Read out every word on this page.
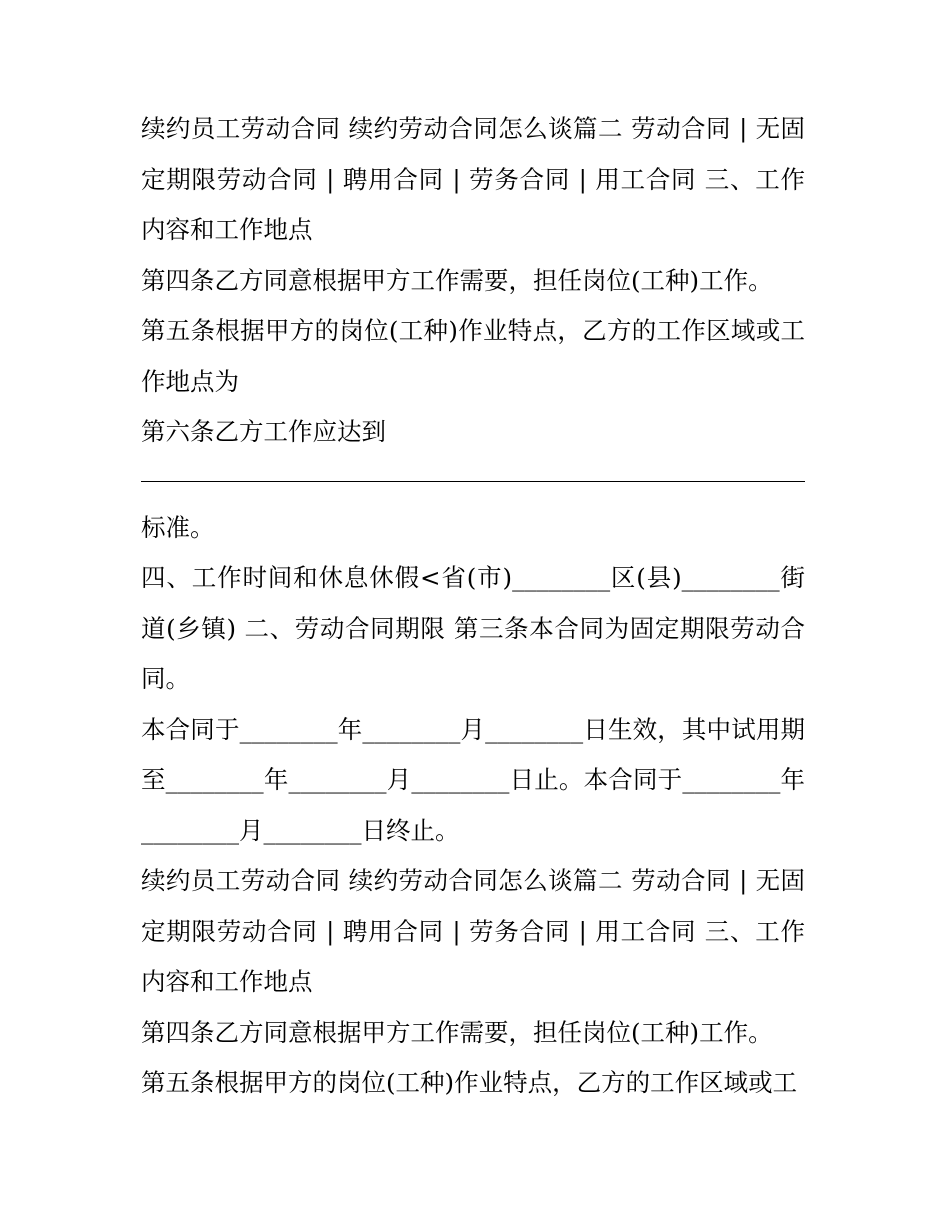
续约员工劳动合同 续约劳动合同怎么谈篇二 劳动合同 | 无固定期限劳动合同 | 聘用合同 | 劳务合同 | 用工合同 三、工作内容和工作地点

第四条乙方同意根据甲方工作需要，担任岗位(工种)工作。

第五条根据甲方的岗位(工种)作业特点，乙方的工作区域或工作地点为

第六条乙方工作应达到

标准。

四、工作时间和休息休假<省(市)________区(县)________街道(乡镇) 二、劳动合同期限 第三条本合同为固定期限劳动合同。

本合同于________年________月________日生效，其中试用期至________年________月________日止。本合同于________年________月________日终止。

续约员工劳动合同 续约劳动合同怎么谈篇二 劳动合同 | 无固定期限劳动合同 | 聘用合同 | 劳务合同 | 用工合同 三、工作内容和工作地点

第四条乙方同意根据甲方工作需要，担任岗位(工种)工作。

第五条根据甲方的岗位(工种)作业特点，乙方的工作区域或工
